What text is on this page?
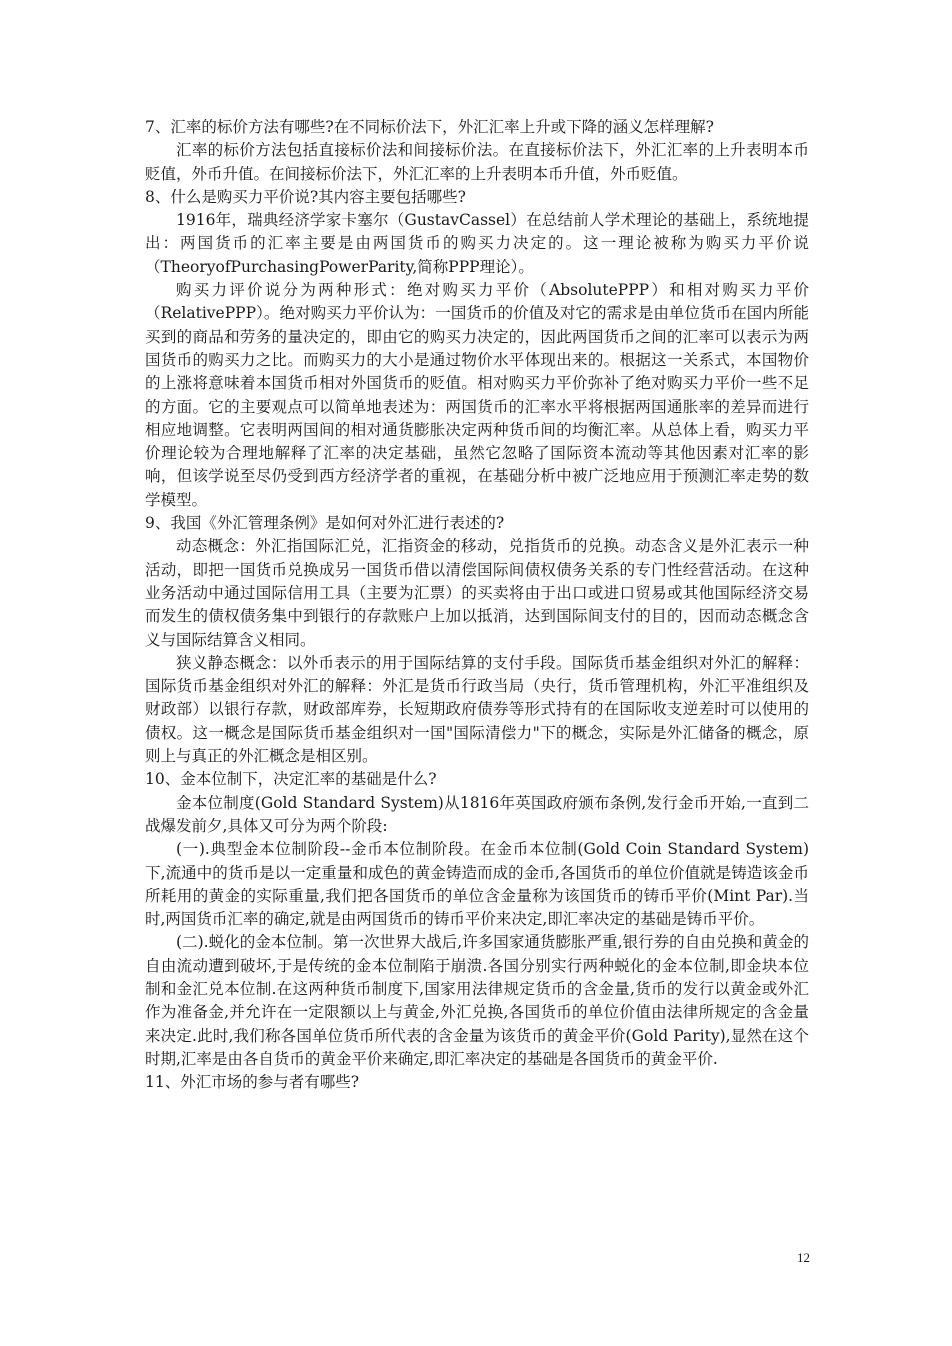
7、汇率的标价方法有哪些?在不同标价法下，外汇汇率上升或下降的涵义怎样理解?

汇率的标价方法包括直接标价法和间接标价法。在直接标价法下，外汇汇率的上升表明本币贬值，外币升值。在间接标价法下，外汇汇率的上升表明本币升值，外币贬值。

8、什么是购买力平价说?其内容主要包括哪些?

1916年，瑞典经济学家卡塞尔（GustavCassel）在总结前人学术理论的基础上，系统地提出：两国货币的汇率主要是由两国货币的购买力决定的。这一理论被称为购买力平价说（TheoryofPurchasingPowerParity,简称PPP理论）。

购买力评价说分为两种形式：绝对购买力平价（AbsolutePPP）和相对购买力平价（RelativePPP）。绝对购买力平价认为：一国货币的价值及对它的需求是由单位货币在国内所能买到的商品和劳务的量决定的，即由它的购买力决定的，因此两国货币之间的汇率可以表示为两国货币的购买力之比。而购买力的大小是通过物价水平体现出来的。根据这一关系式，本国物价的上涨将意味着本国货币相对外国货币的贬值。相对购买力平价弥补了绝对购买力平价一些不足的方面。它的主要观点可以简单地表述为：两国货币的汇率水平将根据两国通胀率的差异而进行相应地调整。它表明两国间的相对通货膨胀决定两种货币间的均衡汇率。从总体上看，购买力平价理论较为合理地解释了汇率的决定基础，虽然它忽略了国际资本流动等其他因素对汇率的影响，但该学说至尽仍受到西方经济学者的重视，在基础分析中被广泛地应用于预测汇率走势的数学模型。

9、我国《外汇管理条例》是如何对外汇进行表述的?

动态概念：外汇指国际汇兑，汇指资金的移动，兑指货币的兑换。动态含义是外汇表示一种活动，即把一国货币兑换成另一国货币借以清偿国际间债权债务关系的专门性经营活动。在这种业务活动中通过国际信用工具（主要为汇票）的买卖将由于出口或进口贸易或其他国际经济交易而发生的债权债务集中到银行的存款账户上加以抵消，达到国际间支付的目的，因而动态概念含义与国际结算含义相同。

狭义静态概念：以外币表示的用于国际结算的支付手段。国际货币基金组织对外汇的解释：国际货币基金组织对外汇的解释：外汇是货币行政当局（央行，货币管理机构，外汇平准组织及财政部）以银行存款，财政部库券，长短期政府债券等形式持有的在国际收支逆差时可以使用的债权。这一概念是国际货币基金组织对一国"国际清偿力"下的概念，实际是外汇储备的概念，原则上与真正的外汇概念是相区别。

10、金本位制下，决定汇率的基础是什么?

金本位制度(Gold Standard System)从1816年英国政府颁布条例,发行金币开始,一直到二战爆发前夕,具体又可分为两个阶段:

(一).典型金本位制阶段--金币本位制阶段。在金币本位制(Gold Coin Standard System)下,流通中的货币是以一定重量和成色的黄金铸造而成的金币,各国货币的单位价值就是铸造该金币所耗用的黄金的实际重量,我们把各国货币的单位含金量称为该国货币的铸币平价(Mint Par).当时,两国货币汇率的确定,就是由两国货币的铸币平价来决定,即汇率决定的基础是铸币平价。

(二).蜕化的金本位制。第一次世界大战后,许多国家通货膨胀严重,银行券的自由兑换和黄金的自由流动遭到破坏,于是传统的金本位制陷于崩溃.各国分别实行两种蜕化的金本位制,即金块本位制和金汇兑本位制.在这两种货币制度下,国家用法律规定货币的含金量,货币的发行以黄金或外汇作为准备金,并允许在一定限额以上与黄金,外汇兑换,各国货币的单位价值由法律所规定的含金量来决定.此时,我们称各国单位货币所代表的含金量为该货币的黄金平价(Gold Parity),显然在这个时期,汇率是由各自货币的黄金平价来确定,即汇率决定的基础是各国货币的黄金平价.

11、外汇市场的参与者有哪些?

12
